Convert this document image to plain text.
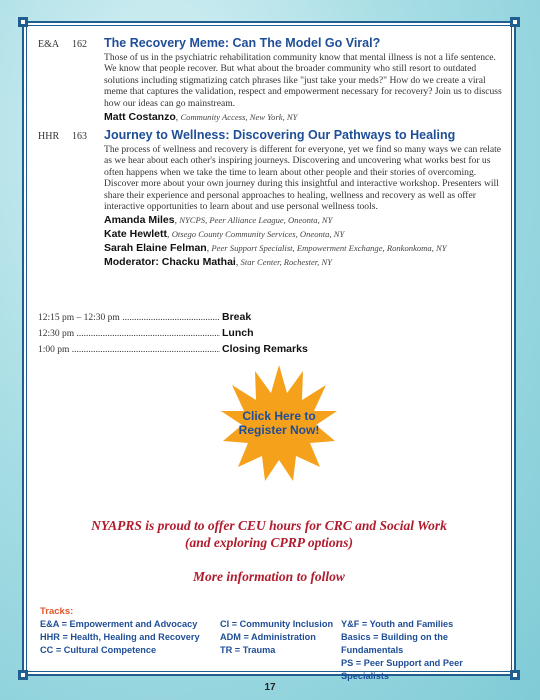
E&A 162 The Recovery Meme: Can The Model Go Viral?
Those of us in the psychiatric rehabilitation community know that mental illness is not a life sentence. We know that people recover. But what about the broader community who still resort to outdated solutions including stigmatizing catch phrases like "just take your meds?" How do we create a viral meme that captures the validation, respect and empowerment necessary for recovery? Join us to discuss how our ideas can go mainstream.
Matt Costanzo, Community Access, New York, NY
HHR 163 Journey to Wellness: Discovering Our Pathways to Healing
The process of wellness and recovery is different for everyone, yet we find so many ways we can relate as we hear about each other's inspiring journeys. Discovering and uncovering what works best for us often happens when we take the time to learn about other people and their stories of overcoming. Discover more about your own journey during this insightful and interactive workshop. Presenters will share their experience and personal approaches to healing, wellness and recovery as well as offer interactive opportunities to learn about and use personal wellness tools.
Amanda Miles, NYCPS, Peer Alliance League, Oneonta, NY
Kate Hewlett, Otsego County Community Services, Oneonta, NY
Sarah Elaine Felman, Peer Support Specialist, Empowerment Exchange, Ronkonkoma, NY
Moderator: Chacku Mathai, Star Center, Rochester, NY
12:15 pm – 12:30 pm .....	Break
12:30 pm .....	Lunch
1:00 pm .....	Closing Remarks
Click Here to
Register Now!
NYAPRS is proud to offer CEU hours for CRC and Social Work
(and exploring CPRP options)
More information to follow
Tracks:
E&A = Empowerment and Advocacy
HHR = Health, Healing and Recovery
CC = Cultural Competence
CI = Community Inclusion
ADM = Administration
TR = Trauma
Y&F = Youth and Families
Basics = Building on the Fundamentals
PS = Peer Support and Peer Specialists
17
